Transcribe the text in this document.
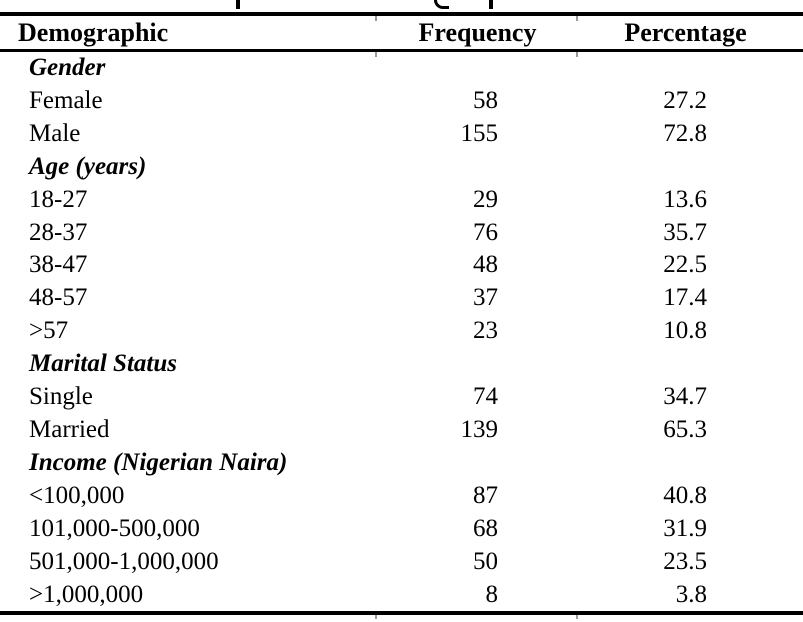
Demographic	Frequency	Percentage
Gender		
Female	58	27.2
Male	155	72.8
Age (years)		
18-27	29	13.6
28-37	76	35.7
38-47	48	22.5
48-57	37	17.4
>57	23	10.8
Marital Status		
Single	74	34.7
Married	139	65.3
Income (Nigerian Naira)		
<100,000	87	40.8
101,000-500,000	68	31.9
501,000-1,000,000	50	23.5
>1,000,000	8	3.8
